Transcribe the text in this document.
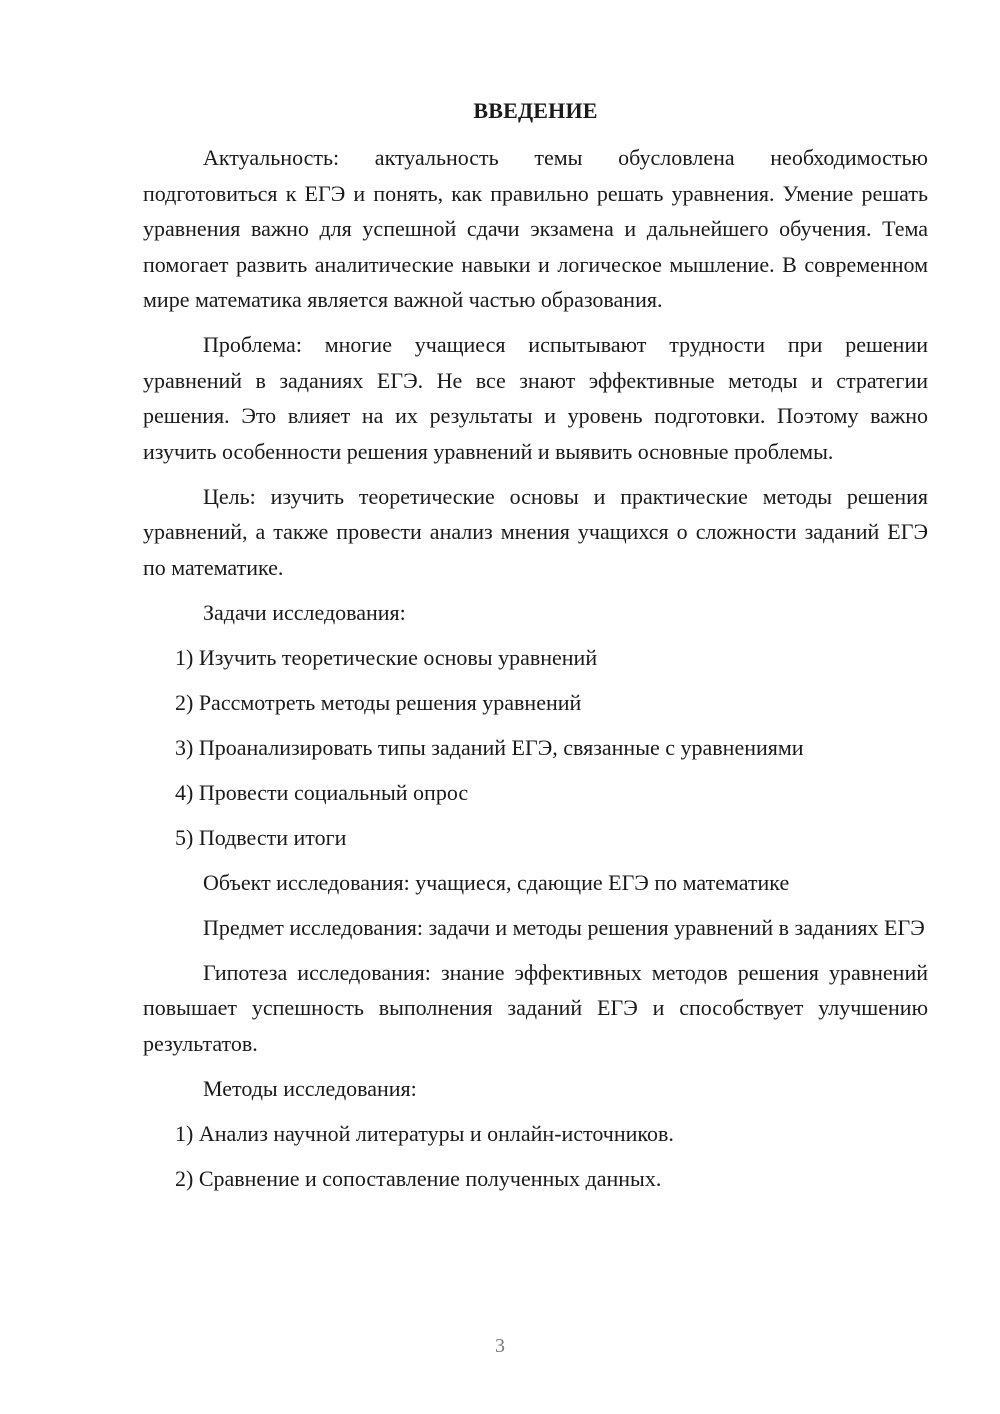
ВВЕДЕНИЕ

Актуальность: актуальность темы обусловлена необходимостью подготовиться к ЕГЭ и понять, как правильно решать уравнения. Умение решать уравнения важно для успешной сдачи экзамена и дальнейшего обучения. Тема помогает развить аналитические навыки и логическое мышление. В современном мире математика является важной частью образования.

Проблема: многие учащиеся испытывают трудности при решении уравнений в заданиях ЕГЭ. Не все знают эффективные методы и стратегии решения. Это влияет на их результаты и уровень подготовки. Поэтому важно изучить особенности решения уравнений и выявить основные проблемы.

Цель: изучить теоретические основы и практические методы решения уравнений, а также провести анализ мнения учащихся о сложности заданий ЕГЭ по математике.

Задачи исследования:

1) Изучить теоретические основы уравнений
2) Рассмотреть методы решения уравнений
3) Проанализировать типы заданий ЕГЭ, связанные с уравнениями
4) Провести социальный опрос
5) Подвести итоги

Объект исследования: учащиеся, сдающие ЕГЭ по математике

Предмет исследования: задачи и методы решения уравнений в заданиях ЕГЭ

Гипотеза исследования: знание эффективных методов решения уравнений повышает успешность выполнения заданий ЕГЭ и способствует улучшению результатов.

Методы исследования:

1) Анализ научной литературы и онлайн-источников.
2) Сравнение и сопоставление полученных данных.
3
